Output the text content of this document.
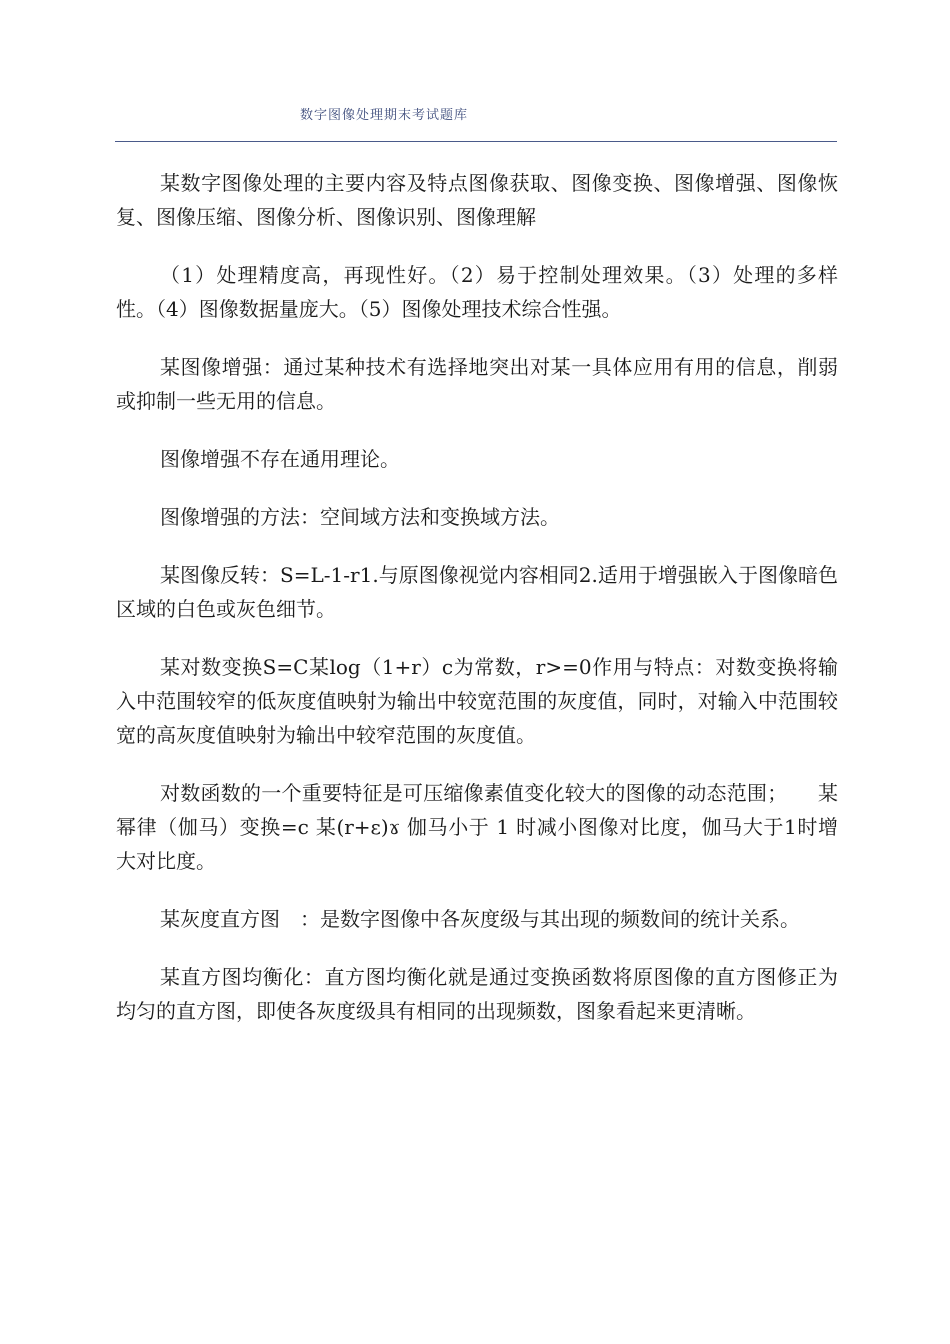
数字图像处理期末考试题库

某数字图像处理的主要内容及特点图像获取、图像变换、图像增强、图像恢复、图像压缩、图像分析、图像识别、图像理解

（1）处理精度高，再现性好。（2）易于控制处理效果。（3）处理的多样性。（4）图像数据量庞大。（5）图像处理技术综合性强。

某图像增强：通过某种技术有选择地突出对某一具体应用有用的信息，削弱或抑制一些无用的信息。

图像增强不存在通用理论。

图像增强的方法：空间域方法和变换域方法。

某图像反转：S=L-1-r1.与原图像视觉内容相同2.适用于增强嵌入于图像暗色区域的白色或灰色细节。

某对数变换S=C某log（1+r）c为常数，r>=0作用与特点：对数变换将输入中范围较窄的低灰度值映射为输出中较宽范围的灰度值，同时，对输入中范围较宽的高灰度值映射为输出中较窄范围的灰度值。

对数函数的一个重要特征是可压缩像素值变化较大的图像的动态范围；　　某幂律（伽马）变换=c 某(r+ε)ɤ 伽马小于 1 时减小图像对比度，伽马大于1时增大对比度。

某灰度直方图　：是数字图像中各灰度级与其出现的频数间的统计关系。

某直方图均衡化：直方图均衡化就是通过变换函数将原图像的直方图修正为均匀的直方图，即使各灰度级具有相同的出现频数，图象看起来更清晰。
